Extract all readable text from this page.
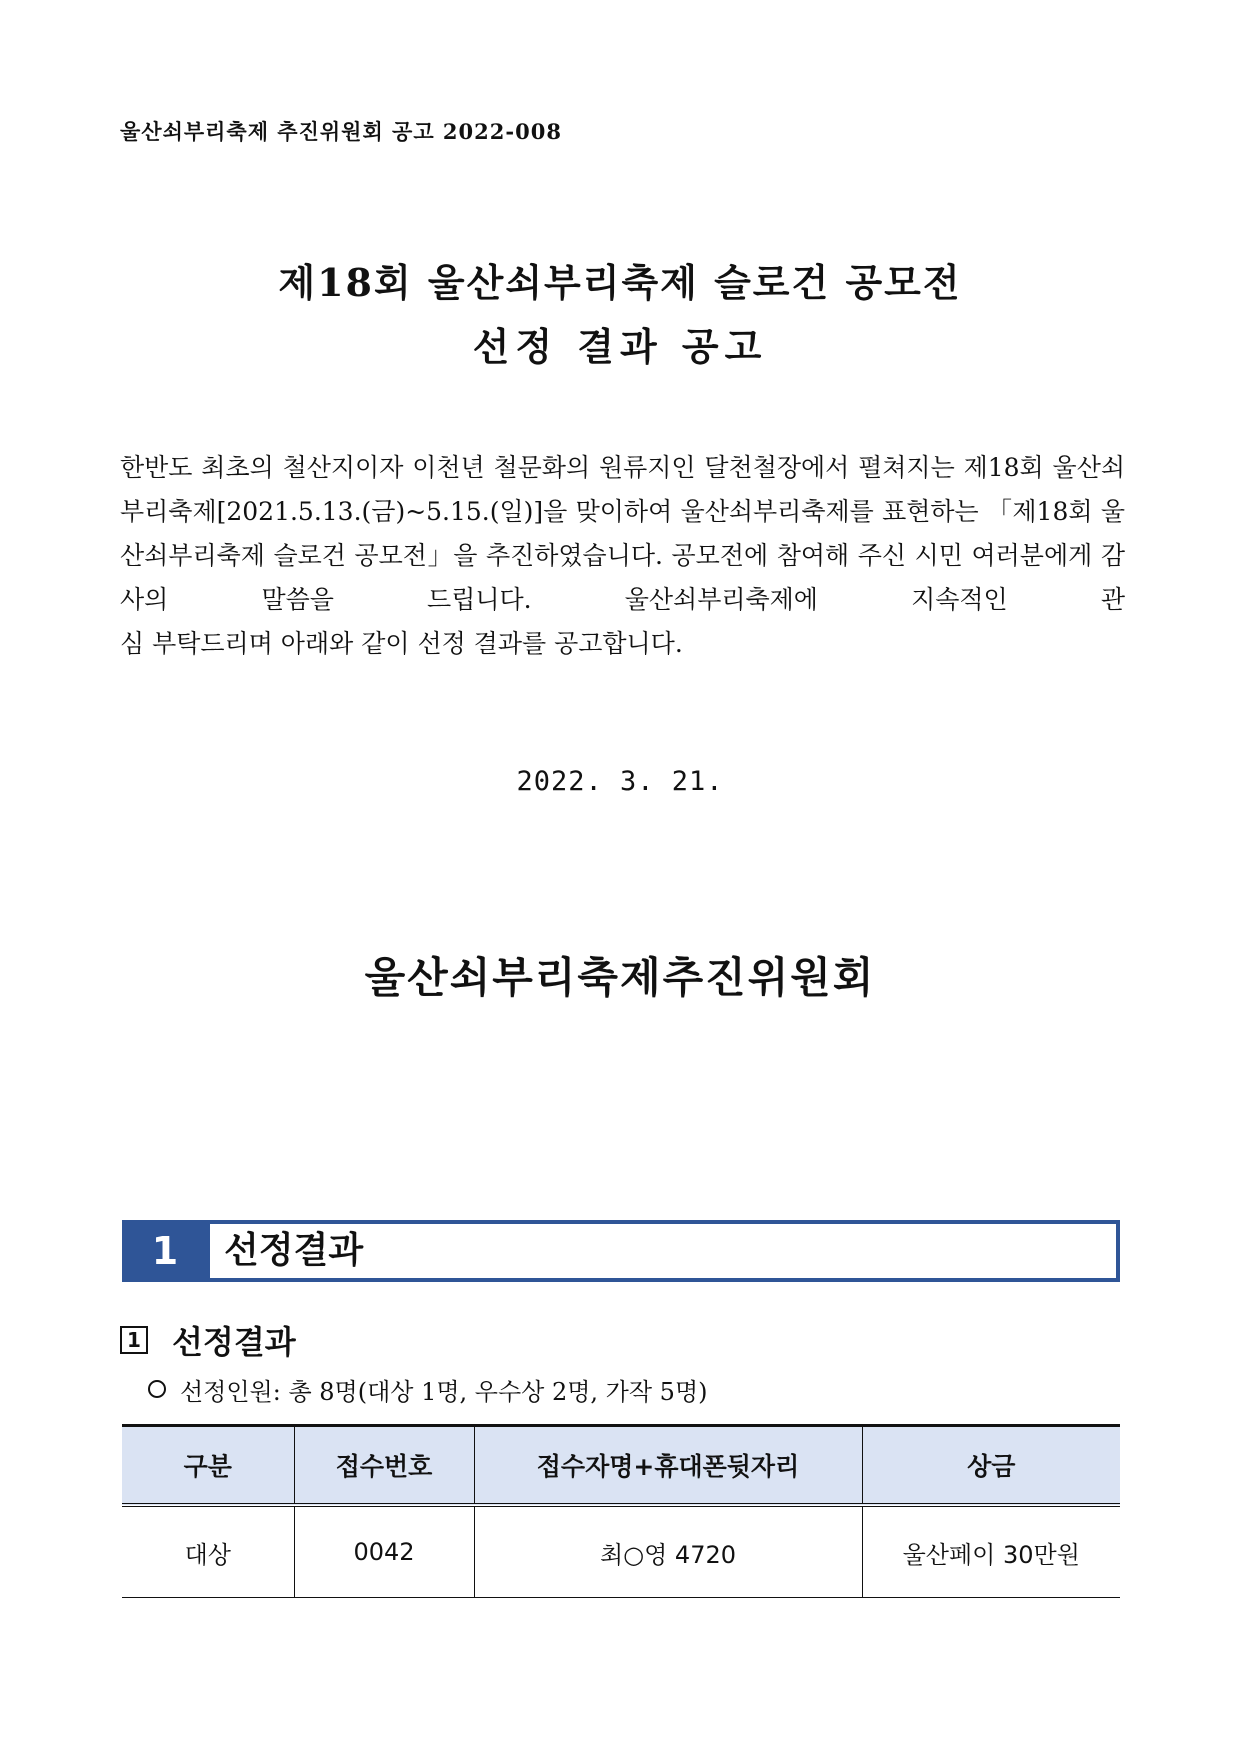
울산쇠부리축제 추진위원회 공고 2022-008
제18회 울산쇠부리축제 슬로건 공모전
선정 결과 공고
한반도 최초의 철산지이자 이천년 철문화의 원류지인 달천철장에서 펼쳐지는 제18회 울산쇠부리축제[2021.5.13.(금)~5.15.(일)]을 맞이하여 울산쇠부리축제를 표현하는 「제18회 울산쇠부리축제 슬로건 공모전」을 추진하였습니다. 공모전에 참여해 주신 시민 여러분에게 감사의 말씀을 드립니다. 울산쇠부리축제에 지속적인 관
심 부탁드리며 아래와 같이 선정 결과를 공고합니다.
2022. 3. 21.
울산쇠부리축제추진위원회
1	선정결과
1 선정결과
선정인원: 총 8명(대상 1명, 우수상 2명, 가작 5명)
구분	접수번호	접수자명+휴대폰뒷자리	상금
대상	0042	최○영 4720	울산페이 30만원
